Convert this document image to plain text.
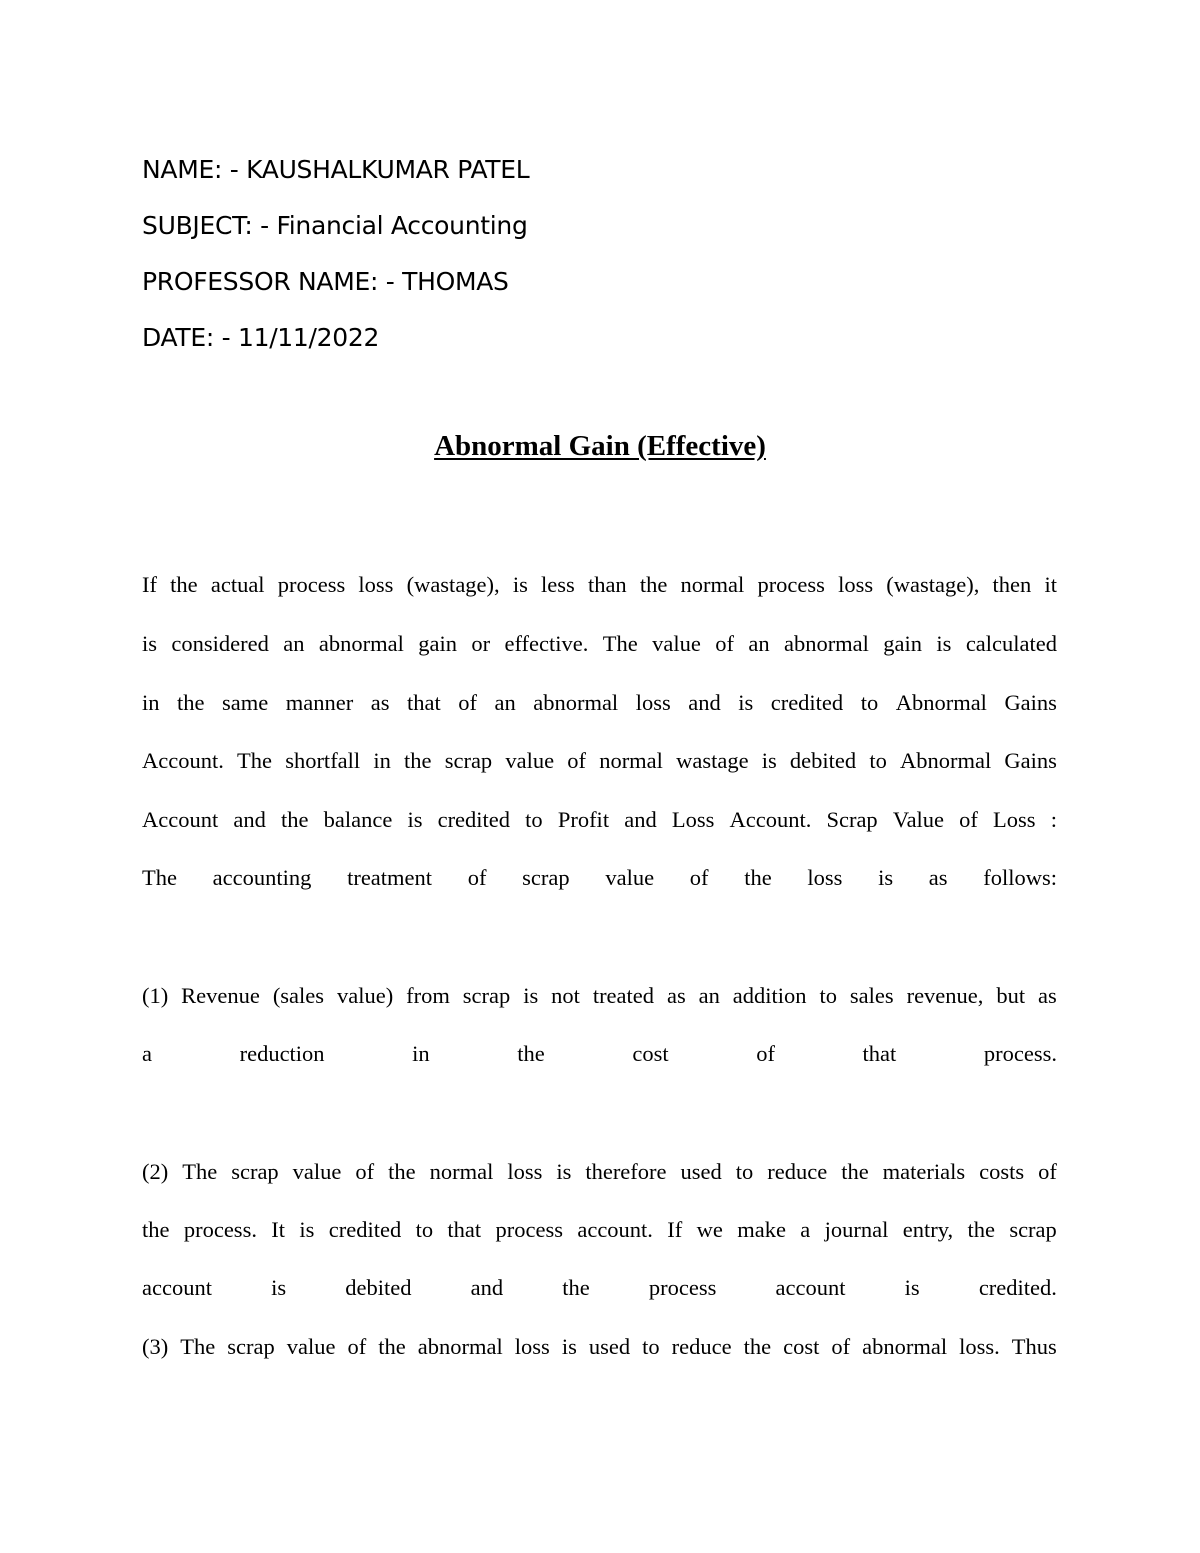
NAME: - KAUSHALKUMAR PATEL
SUBJECT: - Financial Accounting
PROFESSOR NAME: - THOMAS
DATE: - 11/11/2022
Abnormal Gain (Effective)
If the actual process loss (wastage), is less than the normal process loss (wastage), then it
is considered an abnormal gain or effective. The value of an abnormal gain is calculated
in the same manner as that of an abnormal loss and is credited to Abnormal Gains
Account. The shortfall in the scrap value of normal wastage is debited to Abnormal Gains
Account and the balance is credited to Profit and Loss Account. Scrap Value of Loss :
The accounting treatment of scrap value of the loss is as follows:
(1) Revenue (sales value) from scrap is not treated as an addition to sales revenue, but as
a	reduction	in	the	cost	of	that	process.
(2) The scrap value of the normal loss is therefore used to reduce the materials costs of
the process. It is credited to that process account. If we make a journal entry, the scrap
account	is	debited	and	the	process	account	is	credited.
(3) The scrap value of the abnormal loss is used to reduce the cost of abnormal loss. Thus
